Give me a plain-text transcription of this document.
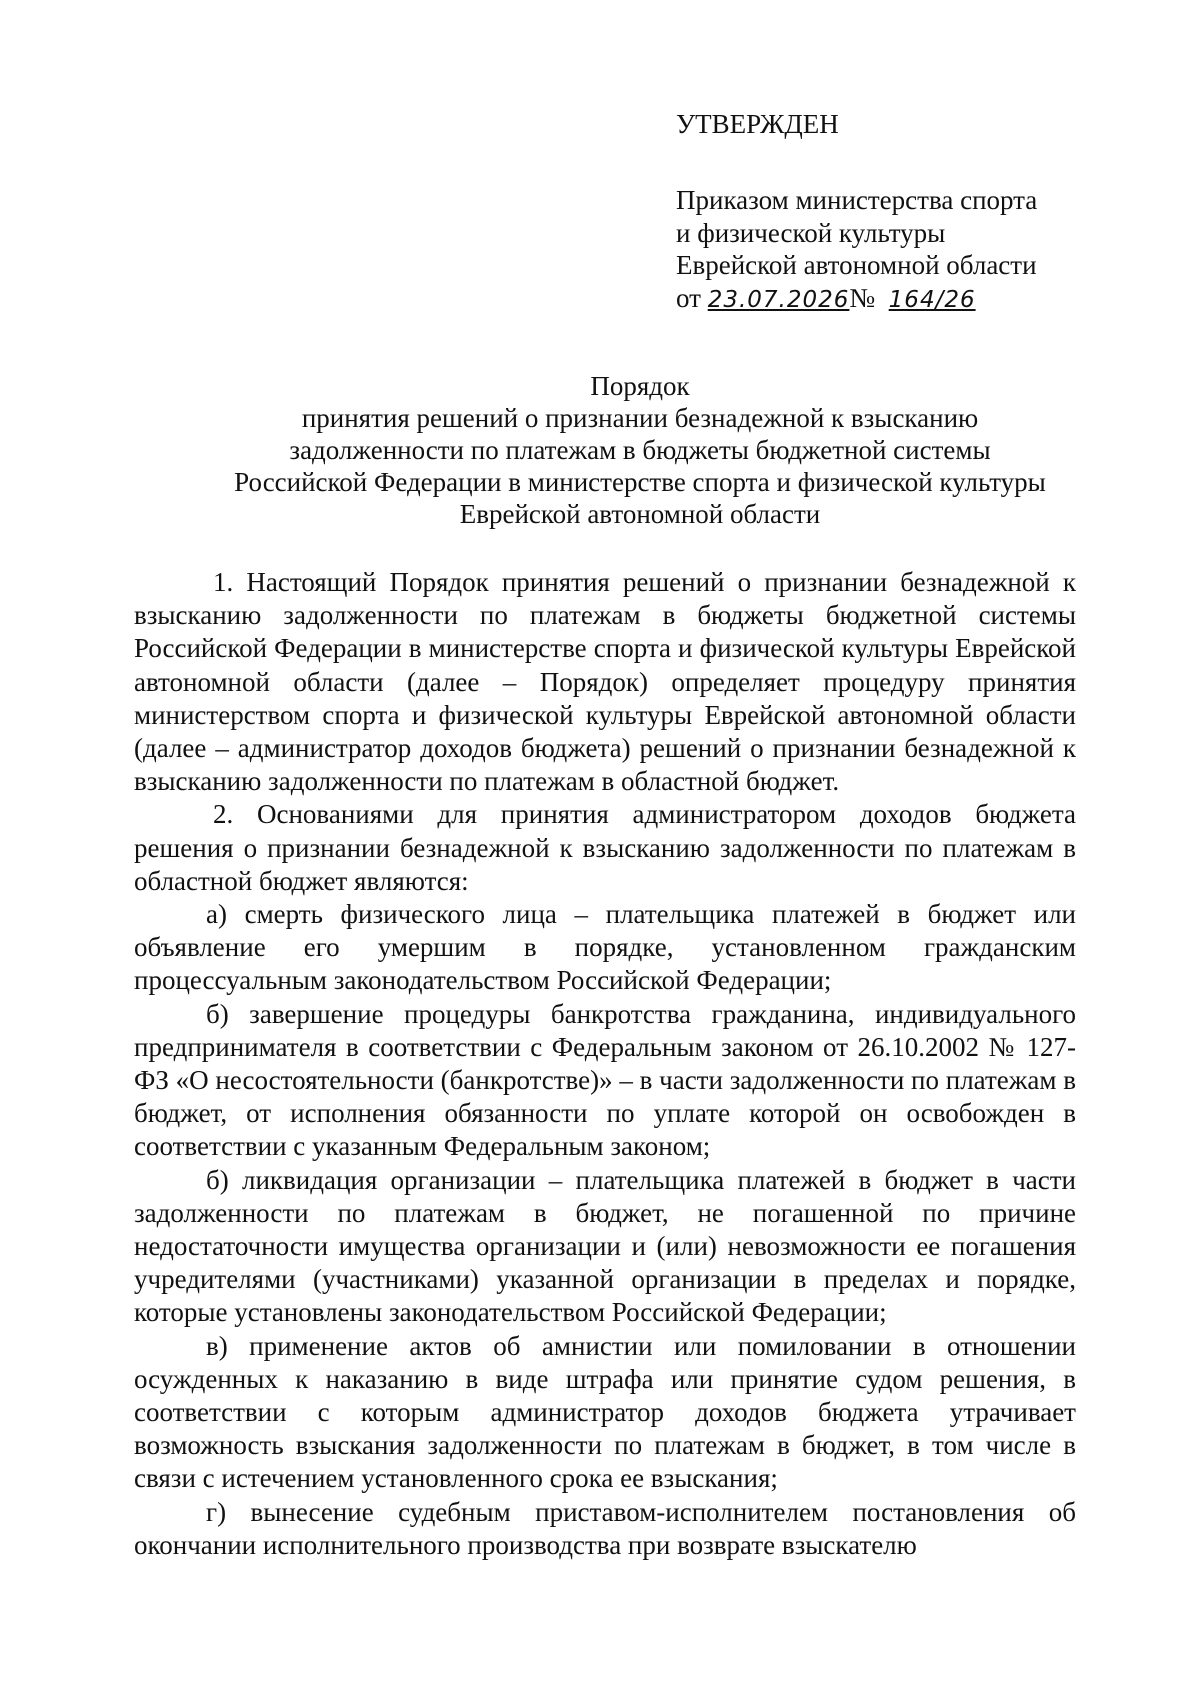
УТВЕРЖДЕН
Приказом министерства спорта
и физической культуры
Еврейской автономной области
от 23.07.2026№ 164/26
Порядок
принятия решений о признании безнадежной к взысканию
задолженности по платежам в бюджеты бюджетной системы
Российской Федерации в министерстве спорта и физической культуры
Еврейской автономной области

1. Настоящий Порядок принятия решений о признании безнадежной к взысканию задолженности по платежам в бюджеты бюджетной системы Российской Федерации в министерстве спорта и физической культуры Еврейской автономной области (далее – Порядок) определяет процедуру принятия министерством спорта и физической культуры Еврейской автономной области (далее – администратор доходов бюджета) решений о признании безнадежной к взысканию задолженности по платежам в областной бюджет.

2. Основаниями для принятия администратором доходов бюджета решения о признании безнадежной к взысканию задолженности по платежам в областной бюджет являются:

а) смерть физического лица – плательщика платежей в бюджет или объявление его умершим в порядке, установленном гражданским процессуальным законодательством Российской Федерации;

б) завершение процедуры банкротства гражданина, индивидуального предпринимателя в соответствии с Федеральным законом от 26.10.2002 № 127-ФЗ «О несостоятельности (банкротстве)» – в части задолженности по платежам в бюджет, от исполнения обязанности по уплате которой он освобожден в соответствии с указанным Федеральным законом;

б) ликвидация организации – плательщика платежей в бюджет в части задолженности по платежам в бюджет, не погашенной по причине недостаточности имущества организации и (или) невозможности ее погашения учредителями (участниками) указанной организации в пределах и порядке, которые установлены законодательством Российской Федерации;

в) применение актов об амнистии или помиловании в отношении осужденных к наказанию в виде штрафа или принятие судом решения, в соответствии с которым администратор доходов бюджета утрачивает возможность взыскания задолженности по платежам в бюджет, в том числе в связи с истечением установленного срока ее взыскания;

г) вынесение судебным приставом-исполнителем постановления об окончании исполнительного производства при возврате взыскателю
